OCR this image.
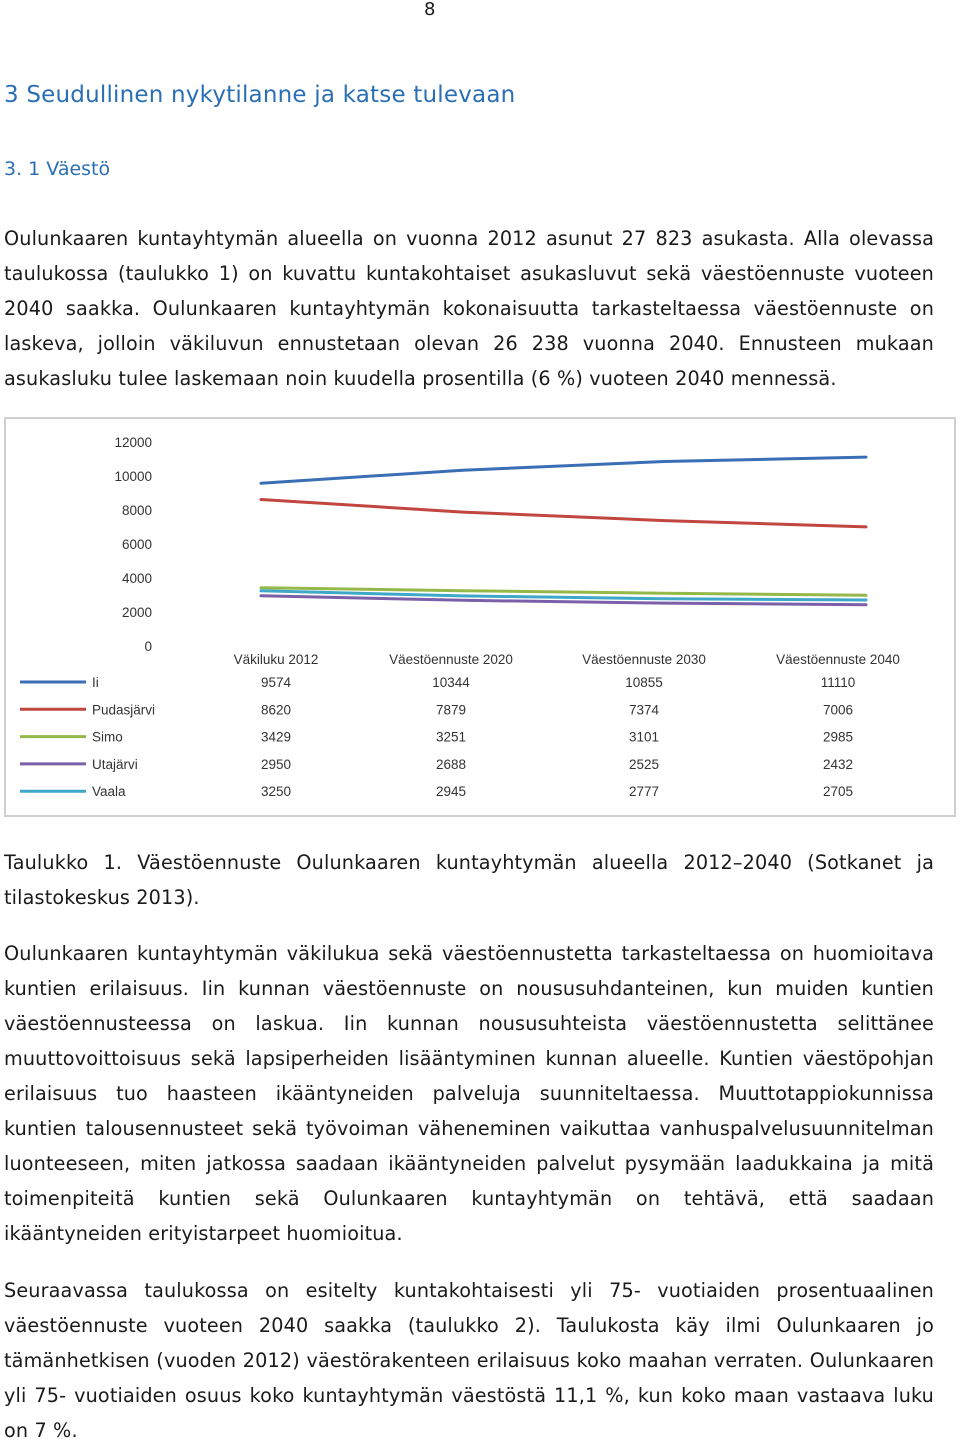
8
3 Seudullinen nykytilanne ja katse tulevaan
3. 1 Väestö

Oulunkaaren kuntayhtymän alueella on vuonna 2012 asunut 27 823 asukasta. Alla olevassa taulukossa (taulukko 1) on kuvattu kuntakohtaiset asukasluvut sekä väestöennuste vuoteen 2040 saakka. Oulunkaaren kuntayhtymän kokonaisuutta tarkasteltaessa väestöennuste on laskeva, jolloin väkiluvun ennustetaan olevan 26 238 vuonna 2040. Ennusteen mukaan asukasluku tulee laskemaan noin kuudella prosentilla (6 %) vuoteen 2040 mennessä.

12000
10000
8000
6000
4000
2000
0
Väkiluku 2012	Väestöennuste 2020	Väestöennuste 2030	Väestöennuste 2040
Ii	9574	10344	10855	11110
Pudasjärvi	8620	7879	7374	7006
Simo	3429	3251	3101	2985
Utajärvi	2950	2688	2525	2432
Vaala	3250	2945	2777	2705

Taulukko 1. Väestöennuste Oulunkaaren kuntayhtymän alueella 2012–2040 (Sotkanet ja tilastokeskus 2013).

Oulunkaaren kuntayhtymän väkilukua sekä väestöennustetta tarkasteltaessa on huomioitava kuntien erilaisuus. Iin kunnan väestöennuste on noususuhdanteinen, kun muiden kuntien väestöennusteessa on laskua. Iin kunnan noususuhteista väestöennustetta selittänee muuttovoittoisuus sekä lapsiperheiden lisääntyminen kunnan alueelle. Kuntien väestöpohjan erilaisuus tuo haasteen ikääntyneiden palveluja suunniteltaessa. Muuttotappiokunnissa kuntien talousennusteet sekä työvoiman väheneminen vaikuttaa vanhuspalvelusuunnitelman luonteeseen, miten jatkossa saadaan ikääntyneiden palvelut pysymään laadukkaina ja mitä toimenpiteitä kuntien sekä Oulunkaaren kuntayhtymän on tehtävä, että saadaan ikääntyneiden erityistarpeet huomioitua.

Seuraavassa taulukossa on esitelty kuntakohtaisesti yli 75- vuotiaiden prosentuaalinen väestöennuste vuoteen 2040 saakka (taulukko 2). Taulukosta käy ilmi Oulunkaaren jo tämänhetkisen (vuoden 2012) väestörakenteen erilaisuus koko maahan verraten. Oulunkaaren yli 75- vuotiaiden osuus koko kuntayhtymän väestöstä 11,1 %, kun koko maan vastaava luku on 7 %.
